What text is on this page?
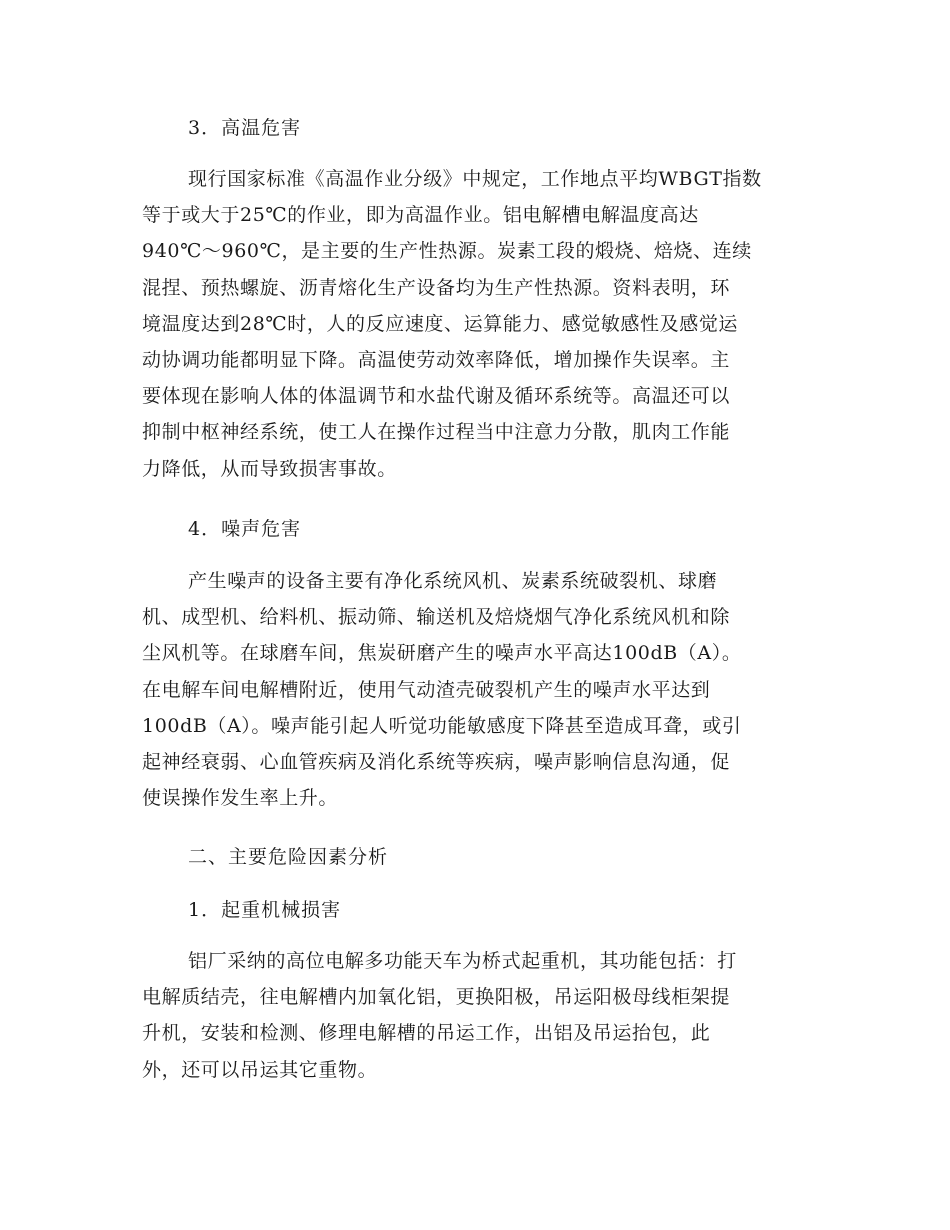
3．高温危害
现行国家标准《高温作业分级》中规定，工作地点平均WBGT指数
等于或大于25℃的作业，即为高温作业。铝电解槽电解温度高达
940℃～960℃，是主要的生产性热源。炭素工段的煅烧、焙烧、连续
混捏、预热螺旋、沥青熔化生产设备均为生产性热源。资料表明，环
境温度达到28℃时，人的反应速度、运算能力、感觉敏感性及感觉运
动协调功能都明显下降。高温使劳动效率降低，增加操作失误率。主
要体现在影响人体的体温调节和水盐代谢及循环系统等。高温还可以
抑制中枢神经系统，使工人在操作过程当中注意力分散，肌肉工作能
力降低，从而导致损害事故。
4．噪声危害
产生噪声的设备主要有净化系统风机、炭素系统破裂机、球磨
机、成型机、给料机、振动筛、输送机及焙烧烟气净化系统风机和除
尘风机等。在球磨车间，焦炭研磨产生的噪声水平高达100dB（A）。
在电解车间电解槽附近，使用气动渣壳破裂机产生的噪声水平达到
100dB（A）。噪声能引起人听觉功能敏感度下降甚至造成耳聋，或引
起神经衰弱、心血管疾病及消化系统等疾病，噪声影响信息沟通，促
使误操作发生率上升。
二、主要危险因素分析
1．起重机械损害
铝厂采纳的高位电解多功能天车为桥式起重机，其功能包括：打
电解质结壳，往电解槽内加氧化铝，更换阳极，吊运阳极母线柜架提
升机，安装和检测、修理电解槽的吊运工作，出铝及吊运抬包，此
外，还可以吊运其它重物。
